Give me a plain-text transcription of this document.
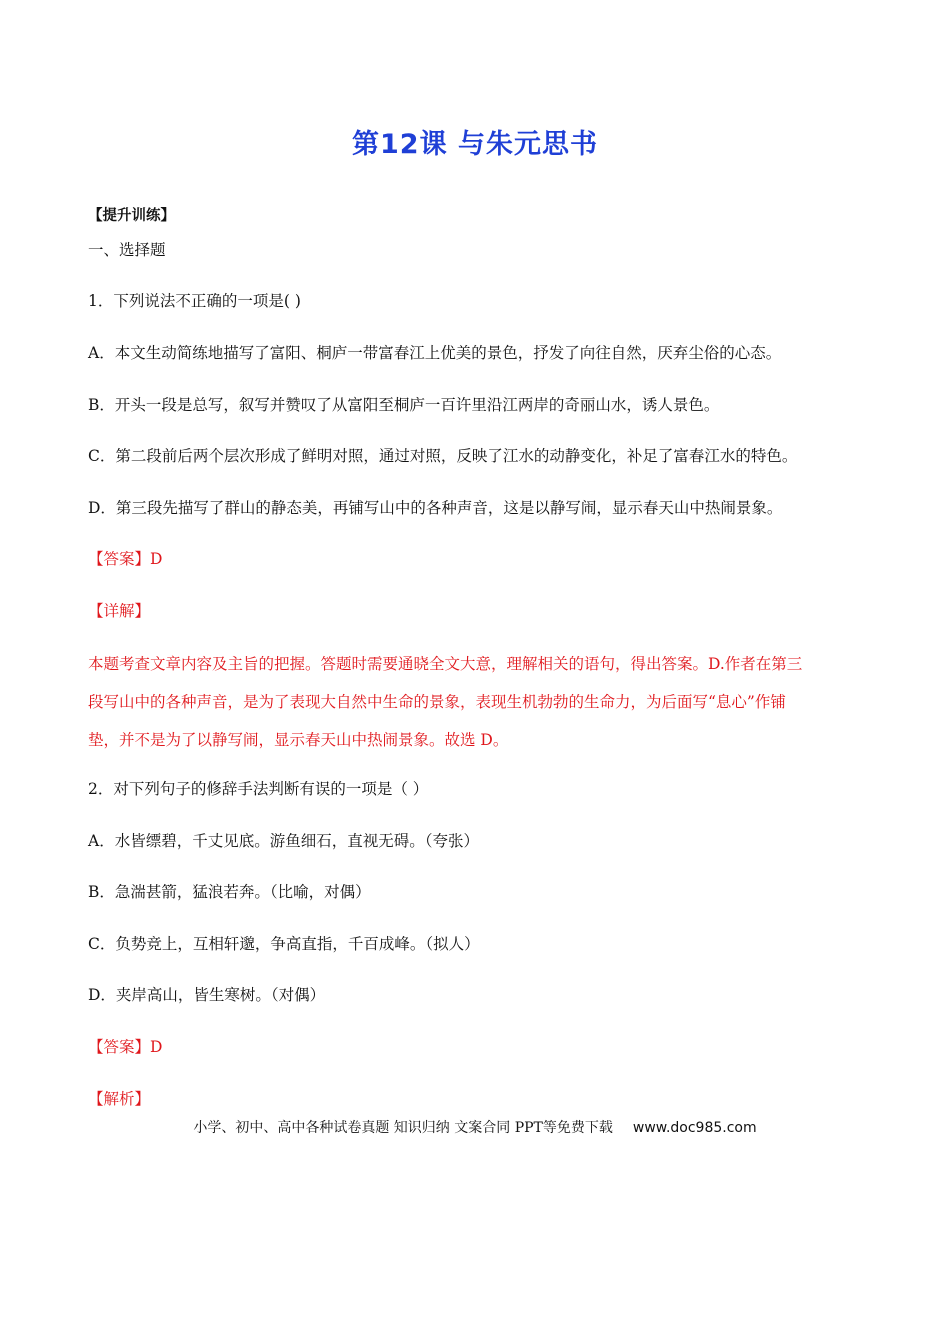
第12课 与朱元思书
【提升训练】
一、选择题
1．下列说法不正确的一项是( )
A．本文生动简练地描写了富阳、桐庐一带富春江上优美的景色，抒发了向往自然，厌弃尘俗的心态。
B．开头一段是总写，叙写并赞叹了从富阳至桐庐一百许里沿江两岸的奇丽山水，诱人景色。
C．第二段前后两个层次形成了鲜明对照，通过对照，反映了江水的动静变化，补足了富春江水的特色。
D．第三段先描写了群山的静态美，再铺写山中的各种声音，这是以静写闹，显示春天山中热闹景象。
【答案】D
【详解】
本题考查文章内容及主旨的把握。答题时需要通晓全文大意，理解相关的语句，得出答案。D.作者在第三
段写山中的各种声音，是为了表现大自然中生命的景象，表现生机勃勃的生命力，为后面写“息心”作铺
垫，并不是为了以静写闹，显示春天山中热闹景象。故选 D。
2．对下列句子的修辞手法判断有误的一项是（ ）
A．水皆缥碧，千丈见底。游鱼细石，直视无碍。（夸张）
B．急湍甚箭，猛浪若奔。（比喻，对偶）
C．负势竞上，互相轩邈，争高直指，千百成峰。（拟人）
D．夹岸高山，皆生寒树。（对偶）
【答案】D
【解析】
小学、初中、高中各种试卷真题 知识归纳 文案合同 PPT等免费下载 www.doc985.com
